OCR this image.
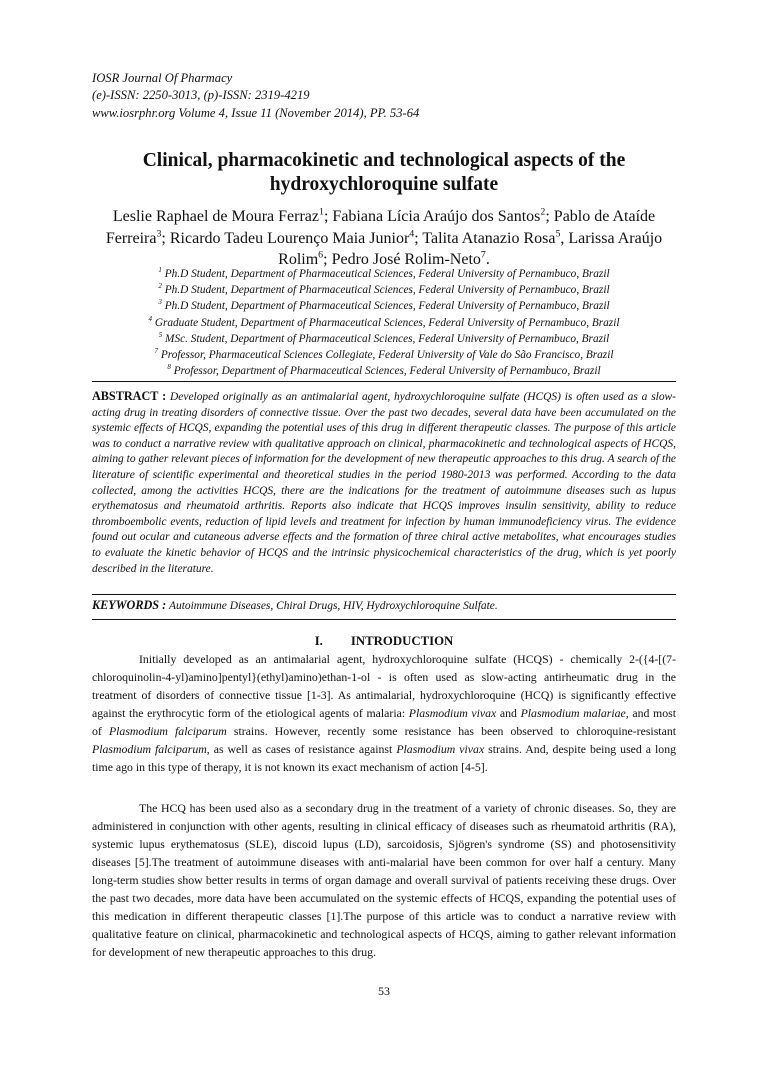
IOSR Journal Of Pharmacy
(e)-ISSN: 2250-3013, (p)-ISSN: 2319-4219
www.iosrphr.org Volume 4, Issue 11 (November 2014), PP. 53-64
Clinical, pharmacokinetic and technological aspects of the hydroxychloroquine sulfate
Leslie Raphael de Moura Ferraz$^1$; Fabiana Lícia Araújo dos Santos$^2$; Pablo de Ataíde Ferreira$^3$; Ricardo Tadeu Lourenço Maia Junior$^4$; Talita Atanazio Rosa$^5$, Larissa Araújo Rolim$^6$; Pedro José Rolim-Neto$^7$.
$^1$ Ph.D Student, Department of Pharmaceutical Sciences, Federal University of Pernambuco, Brazil
$^2$ Ph.D Student, Department of Pharmaceutical Sciences, Federal University of Pernambuco, Brazil
$^3$ Ph.D Student, Department of Pharmaceutical Sciences, Federal University of Pernambuco, Brazil
$^4$ Graduate Student, Department of Pharmaceutical Sciences, Federal University of Pernambuco, Brazil
$^5$ MSc. Student, Department of Pharmaceutical Sciences, Federal University of Pernambuco, Brazil
$^7$ Professor, Pharmaceutical Sciences Collegiate, Federal University of Vale do São Francisco, Brazil
$^8$ Professor, Department of Pharmaceutical Sciences, Federal University of Pernambuco, Brazil
ABSTRACT : Developed originally as an antimalarial agent, hydroxychloroquine sulfate (HCQS) is often used as a slow-acting drug in treating disorders of connective tissue. Over the past two decades, several data have been accumulated on the systemic effects of HCQS, expanding the potential uses of this drug in different therapeutic classes. The purpose of this article was to conduct a narrative review with qualitative approach on clinical, pharmacokinetic and technological aspects of HCQS, aiming to gather relevant pieces of information for the development of new therapeutic approaches to this drug. A search of the literature of scientific experimental and theoretical studies in the period 1980-2013 was performed. According to the data collected, among the activities HCQS, there are the indications for the treatment of autoimmune diseases such as lupus erythematosus and rheumatoid arthritis. Reports also indicate that HCQS improves insulin sensitivity, ability to reduce thromboembolic events, reduction of lipid levels and treatment for infection by human immunodeficiency virus. The evidence found out ocular and cutaneous adverse effects and the formation of three chiral active metabolites, what encourages studies to evaluate the kinetic behavior of HCQS and the intrinsic physicochemical characteristics of the drug, which is yet poorly described in the literature.
KEYWORDS : Autoimmune Diseases, Chiral Drugs, HIV, Hydroxychloroquine Sulfate.
I. INTRODUCTION
Initially developed as an antimalarial agent, hydroxychloroquine sulfate (HCQS) - chemically 2-({4-[(7-chloroquinolin-4-yl)amino]pentyl}(ethyl)amino)ethan-1-ol - is often used as slow-acting antirheumatic drug in the treatment of disorders of connective tissue [1-3]. As antimalarial, hydroxychloroquine (HCQ) is significantly effective against the erythrocytic form of the etiological agents of malaria: Plasmodium vivax and Plasmodium malariae, and most of Plasmodium falciparum strains. However, recently some resistance has been observed to chloroquine-resistant Plasmodium falciparum, as well as cases of resistance against Plasmodium vivax strains. And, despite being used a long time ago in this type of therapy, it is not known its exact mechanism of action [4-5].
The HCQ has been used also as a secondary drug in the treatment of a variety of chronic diseases. So, they are administered in conjunction with other agents, resulting in clinical efficacy of diseases such as rheumatoid arthritis (RA), systemic lupus erythematosus (SLE), discoid lupus (LD), sarcoidosis, Sjögren's syndrome (SS) and photosensitivity diseases [5].The treatment of autoimmune diseases with anti-malarial have been common for over half a century. Many long-term studies show better results in terms of organ damage and overall survival of patients receiving these drugs. Over the past two decades, more data have been accumulated on the systemic effects of HCQS, expanding the potential uses of this medication in different therapeutic classes [1].The purpose of this article was to conduct a narrative review with qualitative feature on clinical, pharmacokinetic and technological aspects of HCQS, aiming to gather relevant information for development of new therapeutic approaches to this drug.
53
